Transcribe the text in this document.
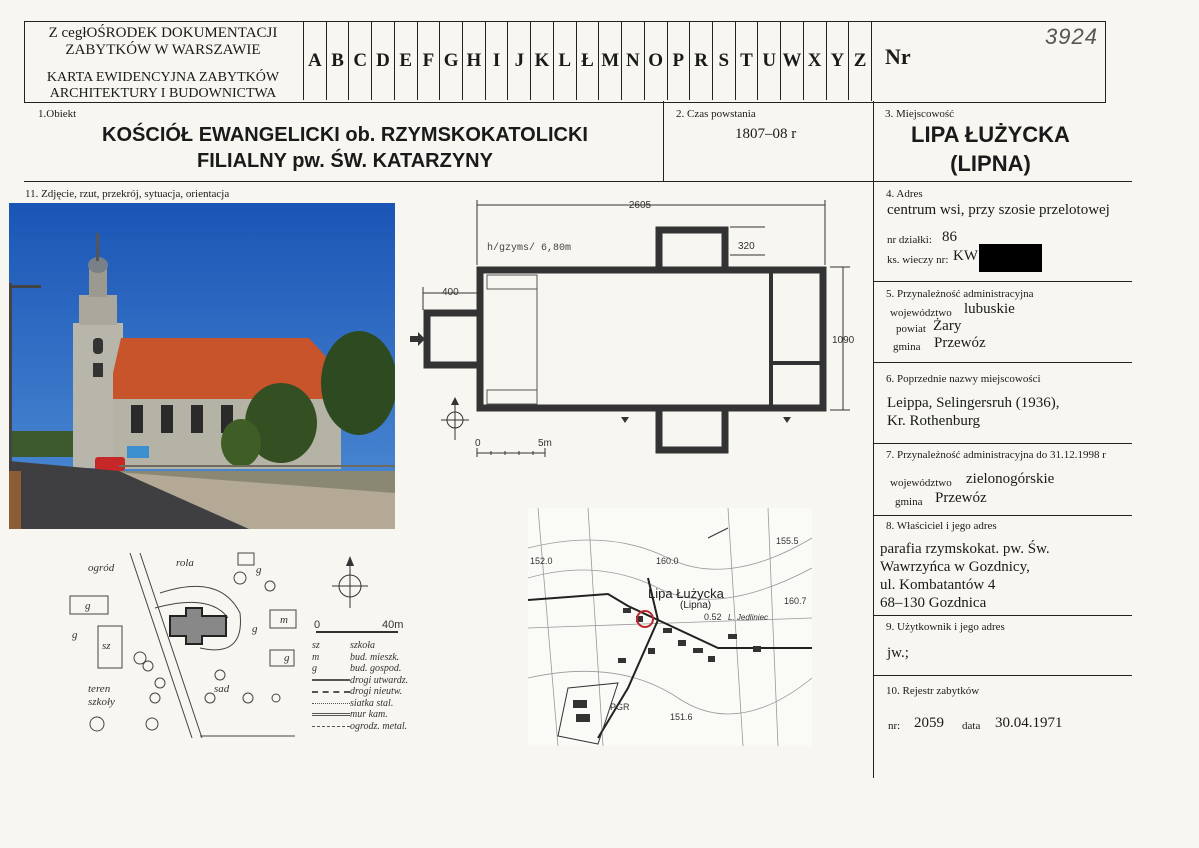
Z cegłOŚRODEK DOKUMENTACJI
ZABYTKÓW W WARSZAWIE
KARTA EWIDENCYJNA ZABYTKÓW
ARCHITEKTURY I BUDOWNICTWA
A B C D E F G H I J K L Ł M N O P R S T U W X Y Z Nr
3924
1.Obiekt
KOŚCIÓŁ EWANGELICKI ob. RZYMSKOKATOLICKI
FILIALNY pw. ŚW. KATARZYNY
2. Czas powstania
1807–08 r
3. Miejscowość
LIPA ŁUŻYCKA
(LIPNA)
4. Adres
centrum wsi, przy szosie przelotowej
nr działki: 86
ks. wieczy nr: KW
5. Przynależność administracyjna
województwo lubuskie
powiat Żary
gmina Przewóz
6. Poprzednie nazwy miejscowości
Leippa, Selingersruh (1936),
Kr. Rothenburg
7. Przynależność administracyjna do 31.12.1998 r
województwo zielonogórskie
gmina Przewóz
8. Właściciel i jego adres
parafia rzymskokat. pw. Św.
Wawrzyńca w Gozdnicy,
ul. Kombatantów 4
68–130 Gozdnica
9. Użytkownik i jego adres
jw.;
10. Rejestr zabytków
nr: 2059 data 30.04.1971
11. Zdjęcie, rzut, przekrój, sytuacja, orientacja
2605
320
1090
400
h/gzyms/ 6,80m
0	5m
ogród	rola
teren
szkoły
sad
sz
g
g
g
g
g
m 0	40m
sz	szkoła
m	bud. mieszk.
g	bud. gospod.
drogi utwardz.
drogi nieutw.
siatka stal.
mur kam.
ogrodz. metal.
Lipa Łużycka
(Lipna)
155.5
152.0	160.0
160.7
0.52
151.6
L. Jedliniec
PGR
